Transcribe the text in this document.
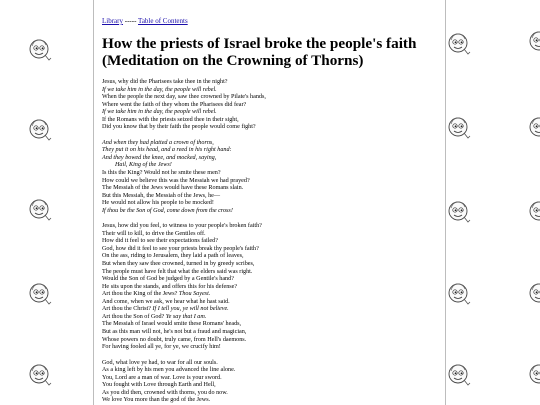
Library ----- Table of Contents
How the priests of Israel broke the people's faith
(Meditation on the Crowning of Thorns)
Jesus, why did the Pharisees take thee in the night?
If we take him in the day, the people will rebel.
When the people the next day, saw thee crowned by Pilate's hands,
Where went the faith of they whom the Pharisees did fear?
If we take him in the day, the people will rebel.
If the Romans with the priests seized thee in their sight,
Did you know that by their faith the people would come fight?
And when they had platted a crown of thorns,
They put it on his head, and a reed in his right hand:
And they bowed the knee, and mocked, saying,
Hail, King of the Jews!
Is this the King? Would not he smite these men?
How could we believe this was the Messiah we had prayed?
The Messiah of the Jews would have these Romans slain.
But this Messiah, the Messiah of the Jews, he—
He would not allow his people to be mocked!
If thou be the Son of God, come down from the cross!
Jesus, how did you feel, to witness to your people's broken faith?
Their will to kill, to drive the Gentiles off.
How did it feel to see their expectations failed?
God, how did it feel to see your priests break thy people's faith?
On the ass, riding to Jerusalem, they laid a path of leaves,
But when they saw thee crowned, turned in by greedy scribes,
The people must have felt that what the elders said was right.
Would the Son of God be judged by a Gentile's hand?
He sits upon the stands, and offers this for his defense?
Art thou the King of the Jews? Thou Sayest.
And come, when we ask, we hear what he hast said.
Art thou the Christ? If I tell you, ye will not believe.
Art thou the Son of God? Ye say that I am.
The Messiah of Israel would smite these Romans' heads,
But as this man will not, he's not but a fraud and magician,
Whose powers no doubt, truly came, from Hell's daemons.
For having fooled all ye, for ye, we crucify him!
God, what love ye had, to war for all our souls.
As a king left by his men you advanced the line alone.
You, Lord are a man of war. Love is your sword.
You fought with Love through Earth and Hell,
As you did then, crowned with thorns, you do now.
We love You more than the god of the Jews.
